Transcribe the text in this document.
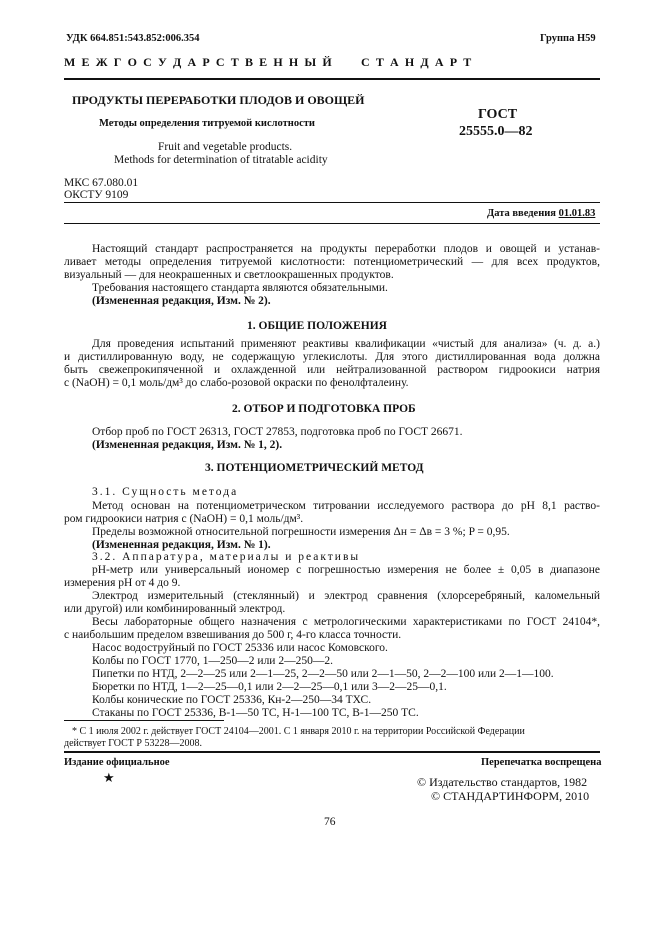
УДК 664.851:543.852:006.354	Группа Н59
М Е Ж Г О С У Д А Р С Т В Е Н Н Ы Й      С Т А Н Д А Р Т
ПРОДУКТЫ ПЕРЕРАБОТКИ ПЛОДОВ И ОВОЩЕЙ
Методы определения титруемой кислотности
Fruit and vegetable products.
Methods for determination of titratable acidity
ГОСТ
25555.0—82
МКС 67.080.01
ОКСТУ 9109
Дата введения 01.01.83
Настоящий стандарт распространяется на продукты переработки плодов и овощей и устанав-
ливает методы определения титруемой кислотности: потенциометрический — для всех продуктов,
визуальный — для неокрашенных и светлоокрашенных продуктов.
Требования настоящего стандарта являются обязательными.
(Измененная редакция, Изм. № 2).
1. ОБЩИЕ ПОЛОЖЕНИЯ
Для проведения испытаний применяют реактивы квалификации «чистый для анализа» (ч. д. а.)
и дистиллированную воду, не содержащую углекислоты. Для этого дистиллированная вода должна
быть свежепрокипяченной и охлажденной или нейтрализованной раствором гидроокиси натрия
c (NaOH) = 0,1 моль/дм³ до слабо-розовой окраски по фенолфталеину.
2. ОТБОР И ПОДГОТОВКА ПРОБ
Отбор проб по ГОСТ 26313, ГОСТ 27853, подготовка проб по ГОСТ 26671.
(Измененная редакция, Изм. № 1, 2).
3. ПОТЕНЦИОМЕТРИЧЕСКИЙ МЕТОД
3.1. Сущность метода
Метод основан на потенциометрическом титровании исследуемого раствора до pH 8,1 раство-
ром гидроокиси натрия c (NaOH) = 0,1 моль/дм³.
Пределы возможной относительной погрешности измерения Δн = Δв = 3 %; P = 0,95.
(Измененная редакция, Изм. № 1).
3.2. Аппаратура, материалы и реактивы
pH-метр или универсальный иономер с погрешностью измерения не более ± 0,05 в диапазоне
измерения pH от 4 до 9.
Электрод измерительный (стеклянный) и электрод сравнения (хлорсеребряный, каломельный
или другой) или комбинированный электрод.
Весы лабораторные общего назначения с метрологическими характеристиками по ГОСТ 24104*,
с наибольшим пределом взвешивания до 500 г, 4-го класса точности.
Насос водоструйный по ГОСТ 25336 или насос Комовского.
Колбы по ГОСТ 1770, 1—250—2 или 2—250—2.
Пипетки по НТД, 2—2—25 или 2—1—25, 2—2—50 или 2—1—50, 2—2—100 или 2—1—100.
Бюретки по НТД, 1—2—25—0,1 или 2—2—25—0,1 или 3—2—25—0,1.
Колбы конические по ГОСТ 25336, Кн-2—250—34 ТХС.
Стаканы по ГОСТ 25336, В-1—50 ТС, Н-1—100 ТС, В-1—250 ТС.
* С 1 июля 2002 г. действует ГОСТ 24104—2001. С 1 января 2010 г. на территории Российской Федерации
действует ГОСТ Р 53228—2008.
Издание официальное
★
Перепечатка воспрещена
© Издательство стандартов, 1982
© СТАНДАРТИНФОРМ, 2010
76
